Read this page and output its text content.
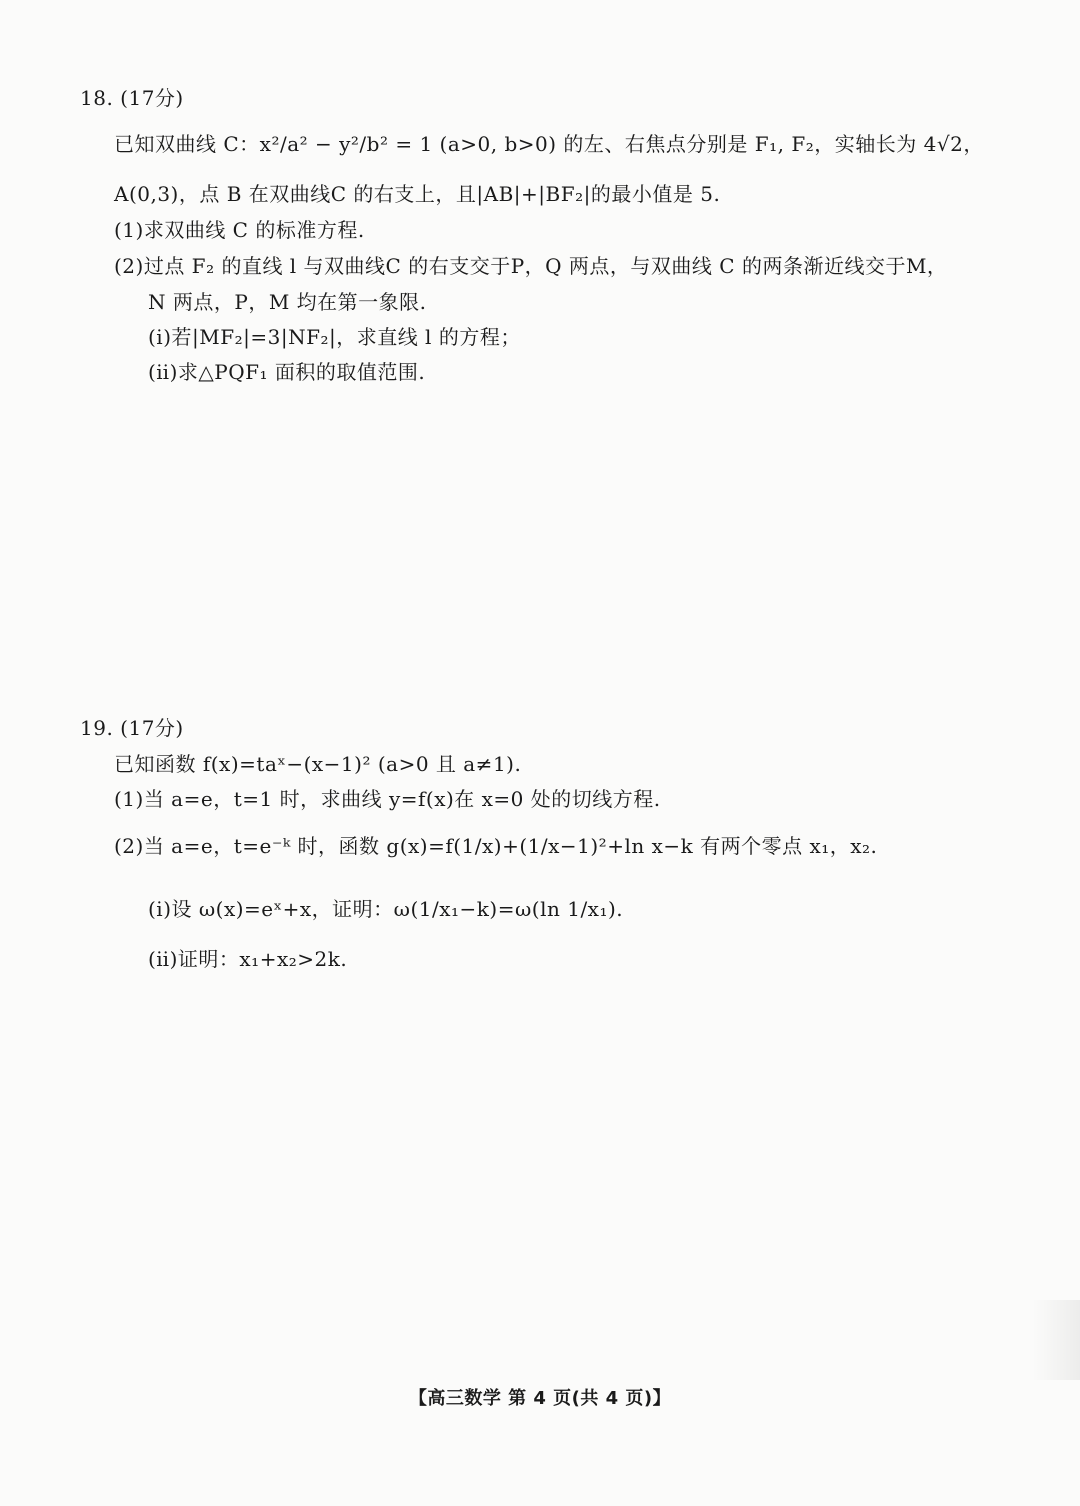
18. (17分)
已知双曲线 C：x²/a² − y²/b² = 1 (a>0, b>0) 的左、右焦点分别是 F₁, F₂，实轴长为 4√2，
A(0,3)，点 B 在双曲线C 的右支上，且|AB|+|BF₂|的最小值是 5.
(1)求双曲线 C 的标准方程.
(2)过点 F₂ 的直线 l 与双曲线C 的右支交于P，Q 两点，与双曲线 C 的两条渐近线交于M，
N 两点，P，M 均在第一象限.
(ⅰ)若|MF₂|=3|NF₂|，求直线 l 的方程；
(ⅱ)求△PQF₁ 面积的取值范围.
19. (17分)
已知函数 f(x)=taˣ−(x−1)² (a>0 且 a≠1).
(1)当 a=e，t=1 时，求曲线 y=f(x)在 x=0 处的切线方程.
(2)当 a=e，t=e⁻ᵏ 时，函数 g(x)=f(1/x)+(1/x−1)²+ln x−k 有两个零点 x₁，x₂.
(ⅰ)设 ω(x)=eˣ+x，证明：ω(1/x₁−k)=ω(ln 1/x₁).
(ⅱ)证明：x₁+x₂>2k.
【高三数学 第 4 页(共 4 页)】
